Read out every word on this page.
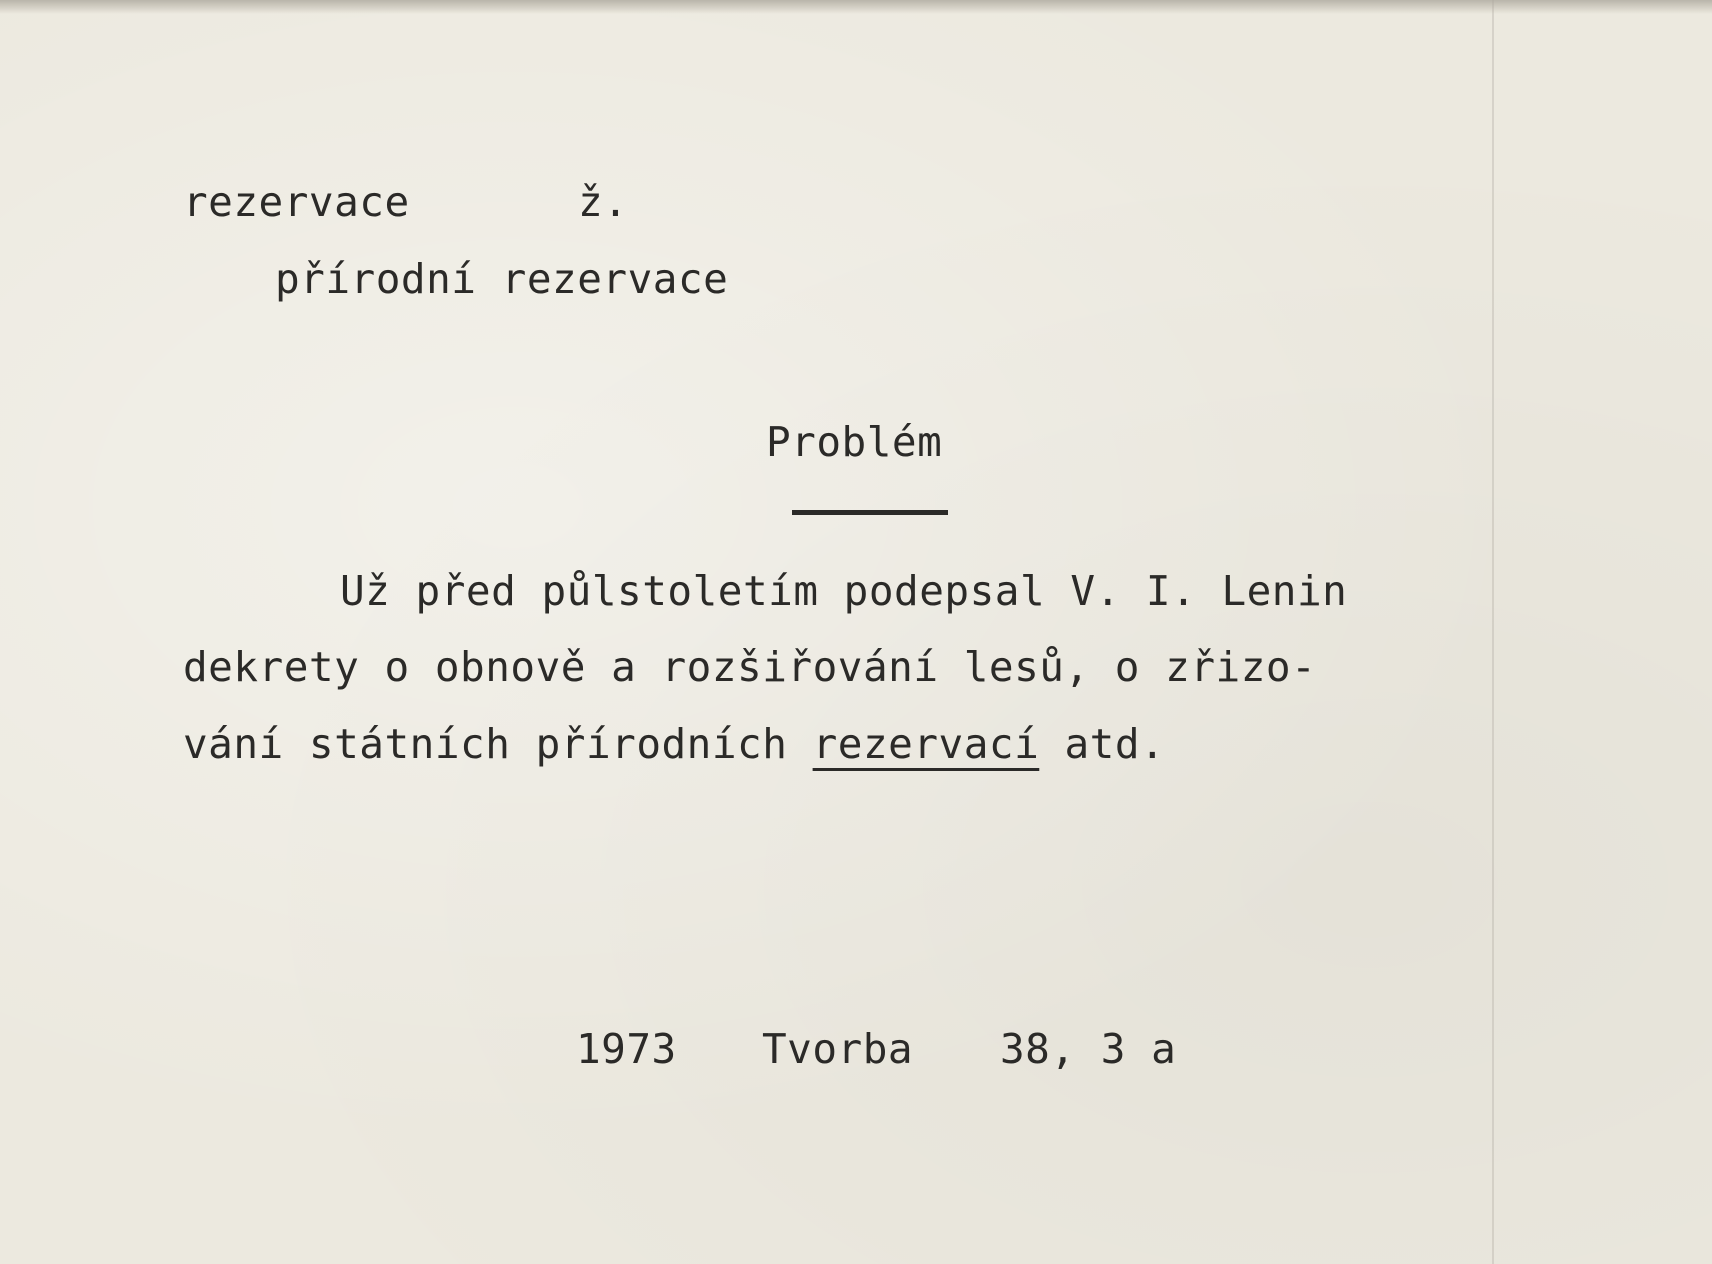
rezervace	ž.
přírodní rezervace
Problém
Už před půlstoletím podepsal V. I. Lenin
dekrety o obnově a rozšiřování lesů, o zřizo-
vání státních přírodních rezervací atd.
1973 Tvorba 38, 3 a
